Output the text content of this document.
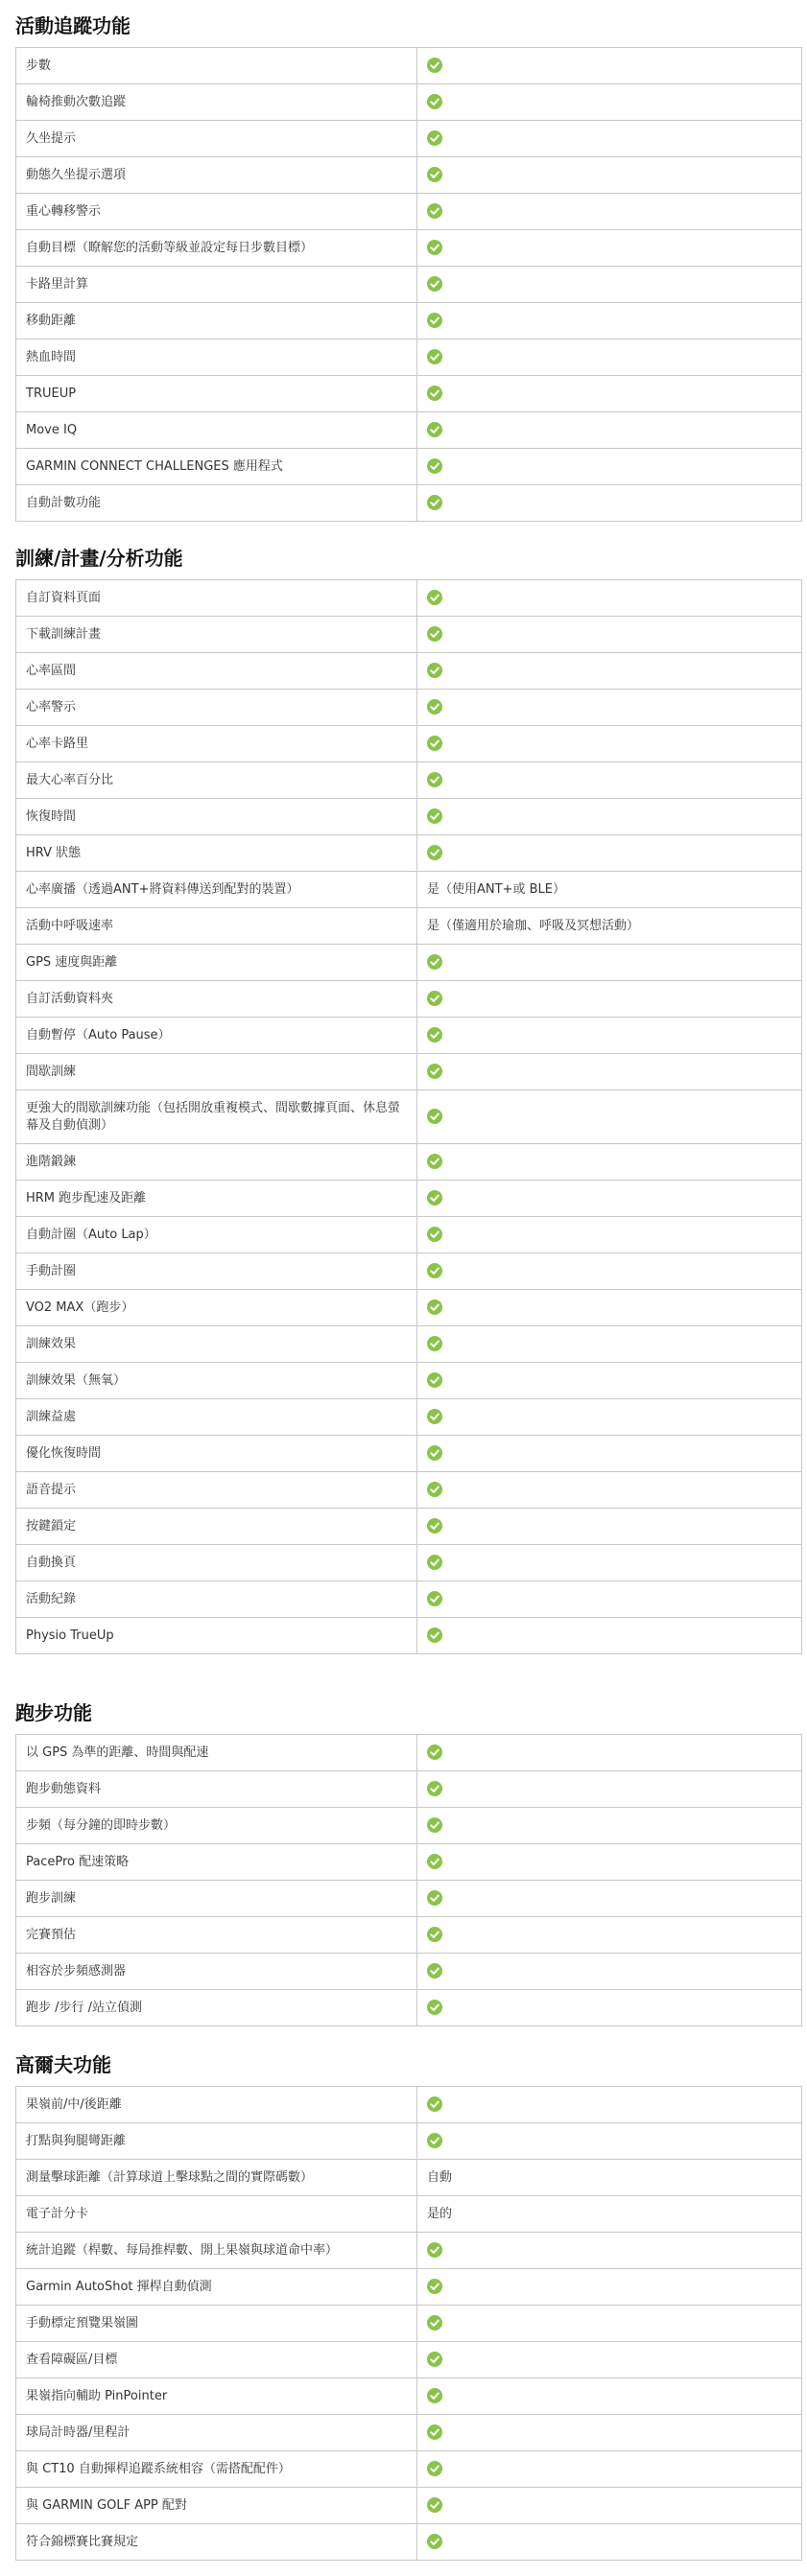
活動追蹤功能
步數	

輪椅推動次數追蹤	

久坐提示	

動態久坐提示選項	

重心轉移警示	

自動目標（瞭解您的活動等級並設定每日步數目標）	

卡路里計算	

移動距離	

熱血時間	

TRUEUP	

Move IQ	

GARMIN CONNECT CHALLENGES 應用程式	

自動計數功能	
訓練/計畫/分析功能
自訂資料頁面	

下載訓練計畫	

心率區間	

心率警示	

心率卡路里	

最大心率百分比	

恢復時間	

HRV 狀態	

心率廣播（透過ANT+將資料傳送到配對的裝置）	是（使用ANT+或 BLE）
活動中呼吸速率	是（僅適用於瑜珈、呼吸及冥想活動）
GPS 速度與距離	

自訂活動資料夾	

自動暫停（Auto Pause）	

間歇訓練	

更強大的間歇訓練功能（包括開放重複模式、間歇數據頁面、休息螢幕及自動偵測）	

進階鍛鍊	

HRM 跑步配速及距離	

自動計圈（Auto Lap）	

手動計圈	

VO2 MAX（跑步）	

訓練效果	

訓練效果（無氧）	

訓練益處	

優化恢復時間	

語音提示	

按鍵鎖定	

自動換頁	

活動紀錄	

Physio TrueUp	
跑步功能
以 GPS 為準的距離、時間與配速	

跑步動態資料	

步頻（每分鐘的即時步數）	

PacePro 配速策略	

跑步訓練	

完賽預估	

相容於步頻感測器	

跑步 /步行 /站立偵測	
高爾夫功能
果嶺前/中/後距離	

打點與狗腿彎距離	

測量擊球距離（計算球道上擊球點之間的實際碼數）	自動
電子計分卡	是的
統計追蹤（桿數、每局推桿數、開上果嶺與球道命中率）	

Garmin AutoShot 揮桿自動偵測	

手動標定預覽果嶺圖	

查看障礙區/目標	

果嶺指向輔助 PinPointer	

球局計時器/里程計	

與 CT10 自動揮桿追蹤系統相容（需搭配配件）	

與 GARMIN GOLF APP 配對	

符合錦標賽比賽規定	
